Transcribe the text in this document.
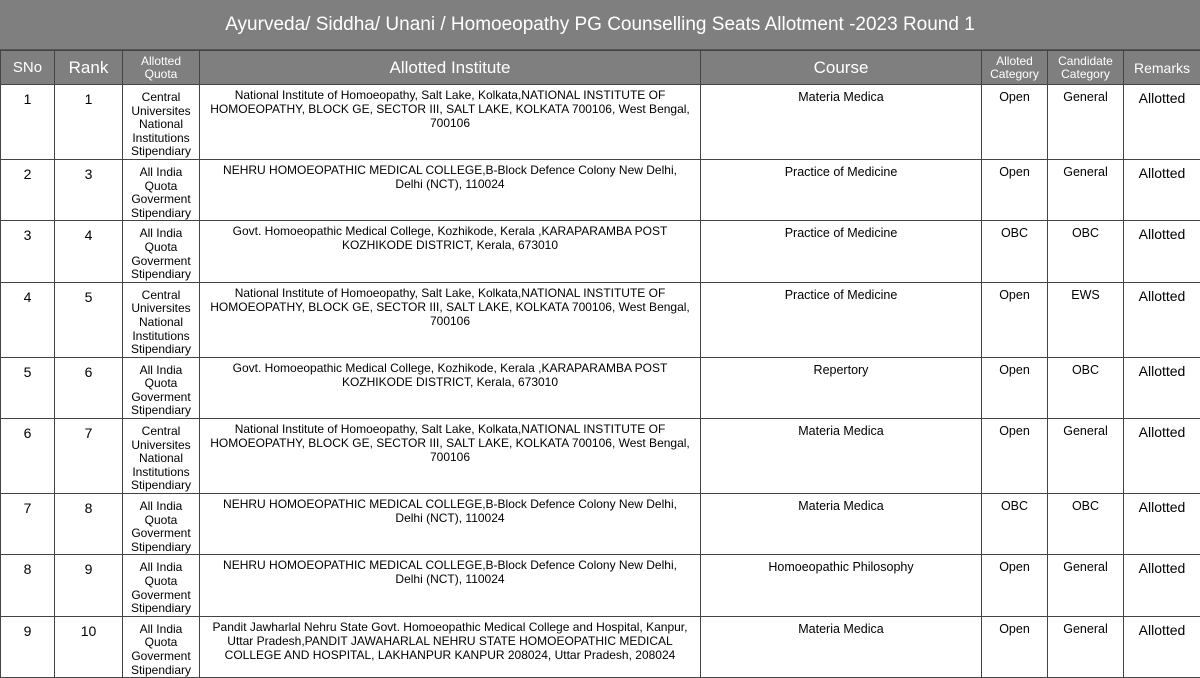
Ayurveda/ Siddha/ Unani / Homoeopathy PG Counselling Seats Allotment -2023 Round 1
SNo	Rank	Allotted Quota	Allotted Institute	Course	Alloted Category	Candidate Category	Remarks
1	1	Central Universites National Institutions Stipendiary	National Institute of Homoeopathy, Salt Lake, Kolkata,NATIONAL INSTITUTE OF HOMOEOPATHY, BLOCK GE, SECTOR III, SALT LAKE, KOLKATA 700106, West Bengal, 700106	Materia Medica	Open	General	Allotted
2	3	All India Quota Goverment Stipendiary	NEHRU HOMOEOPATHIC MEDICAL COLLEGE,B-Block Defence Colony New Delhi, Delhi (NCT), 110024	Practice of Medicine	Open	General	Allotted
3	4	All India Quota Goverment Stipendiary	Govt. Homoeopathic Medical College, Kozhikode, Kerala ,KARAPARAMBA POST KOZHIKODE DISTRICT, Kerala, 673010	Practice of Medicine	OBC	OBC	Allotted
4	5	Central Universites National Institutions Stipendiary	National Institute of Homoeopathy, Salt Lake, Kolkata,NATIONAL INSTITUTE OF HOMOEOPATHY, BLOCK GE, SECTOR III, SALT LAKE, KOLKATA 700106, West Bengal, 700106	Practice of Medicine	Open	EWS	Allotted
5	6	All India Quota Goverment Stipendiary	Govt. Homoeopathic Medical College, Kozhikode, Kerala ,KARAPARAMBA POST KOZHIKODE DISTRICT, Kerala, 673010	Repertory	Open	OBC	Allotted
6	7	Central Universites National Institutions Stipendiary	National Institute of Homoeopathy, Salt Lake, Kolkata,NATIONAL INSTITUTE OF HOMOEOPATHY, BLOCK GE, SECTOR III, SALT LAKE, KOLKATA 700106, West Bengal, 700106	Materia Medica	Open	General	Allotted
7	8	All India Quota Goverment Stipendiary	NEHRU HOMOEOPATHIC MEDICAL COLLEGE,B-Block Defence Colony New Delhi, Delhi (NCT), 110024	Materia Medica	OBC	OBC	Allotted
8	9	All India Quota Goverment Stipendiary	NEHRU HOMOEOPATHIC MEDICAL COLLEGE,B-Block Defence Colony New Delhi, Delhi (NCT), 110024	Homoeopathic Philosophy	Open	General	Allotted
9	10	All India Quota Goverment Stipendiary	Pandit Jawharlal Nehru State Govt. Homoeopathic Medical College and Hospital, Kanpur, Uttar Pradesh,PANDIT JAWAHARLAL NEHRU STATE HOMOEOPATHIC MEDICAL COLLEGE AND HOSPITAL, LAKHANPUR KANPUR 208024, Uttar Pradesh, 208024	Materia Medica	Open	General	Allotted
